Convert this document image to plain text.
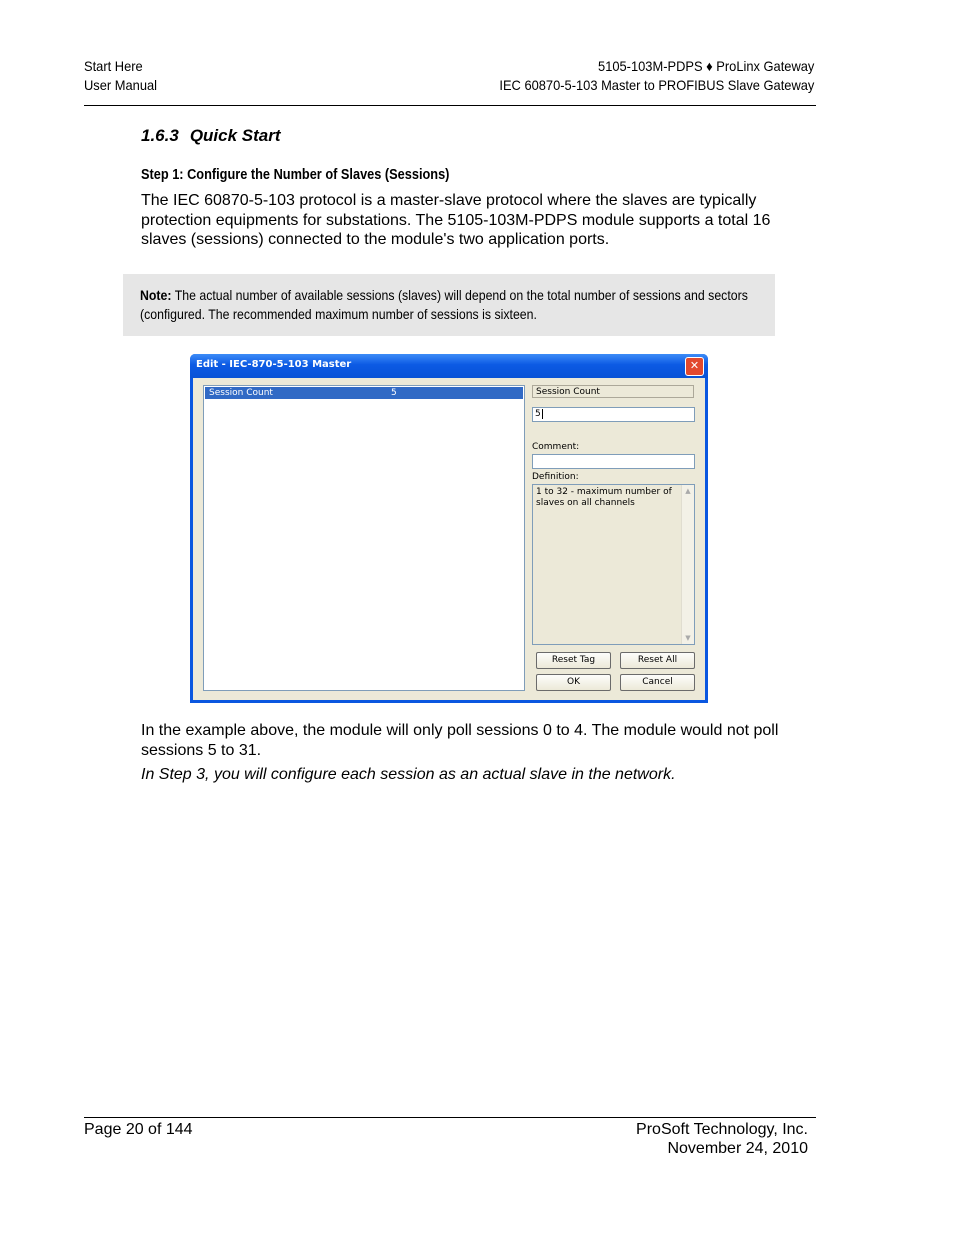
Start Here
User Manual
5105-103M-PDPS ♦ ProLinx Gateway
IEC 60870-5-103 Master to PROFIBUS Slave Gateway
1.6.3 Quick Start
Step 1: Configure the Number of Slaves (Sessions)
The IEC 60870-5-103 protocol is a master-slave protocol where the slaves are typically protection equipments for substations. The 5105-103M-PDPS module supports a total 16 slaves (sessions) connected to the module's two application ports.
Note: The actual number of available sessions (slaves) will depend on the total number of sessions and sectors (configured. The recommended maximum number of sessions is sixteen.
Edit - IEC-870-5-103 Master	✕
Session Count	5	Session Count
5
Comment:
Definition:
1 to 32 - maximum number of slaves on all channels
▲
▼
Reset Tag	Reset All
OK	Cancel
In the example above, the module will only poll sessions 0 to 4. The module would not poll sessions 5 to 31.
In Step 3, you will configure each session as an actual slave in the network.
Page 20 of 144	ProSoft Technology, Inc.
November 24, 2010
